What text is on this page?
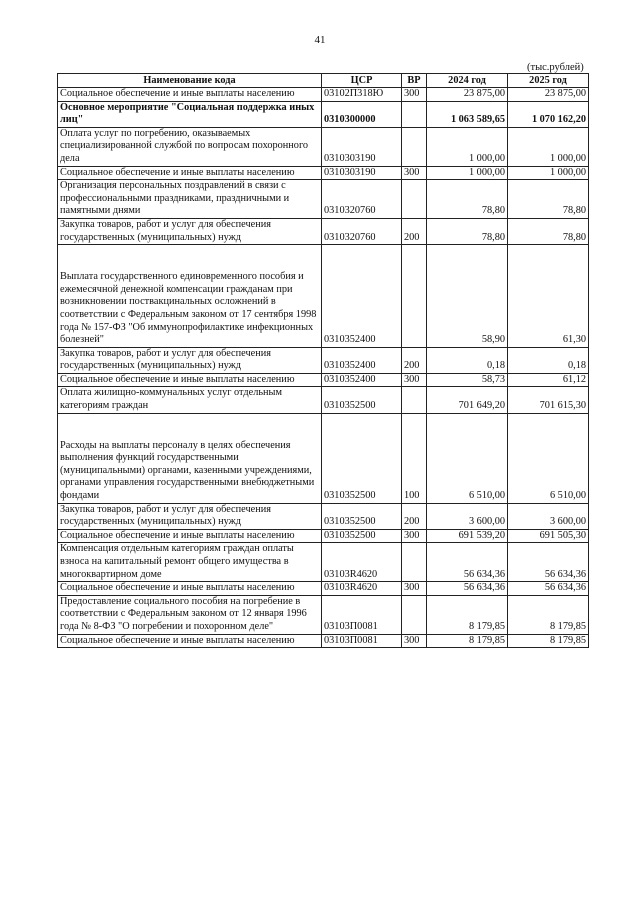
41
(тыс.рублей)
Наименование кода	ЦСР	ВР	2024 год	2025 год
Социальное обеспечение и иные выплаты населению	03102П318Ю	300	23 875,00	23 875,00
Основное мероприятие "Социальная поддержка иных лиц"	0310300000		1 063 589,65	1 070 162,20
Оплата услуг по погребению, оказываемых специализированной службой по вопросам похоронного дела	0310303190		1 000,00	1 000,00
Социальное обеспечение и иные выплаты населению	0310303190	300	1 000,00	1 000,00
Организация персональных поздравлений в связи с профессиональными праздниками, праздничными и памятными днями	0310320760		78,80	78,80
Закупка товаров, работ и услуг для обеспечения государственных (муниципальных) нужд	0310320760	200	78,80	78,80
Выплата государственного единовременного пособия и ежемесячной денежной компенсации гражданам при возникновении поствакцинальных осложнений в соответствии с Федеральным законом от 17 сентября 1998 года № 157-ФЗ "Об иммунопрофилактике инфекционных болезней"	0310352400		58,90	61,30
Закупка товаров, работ и услуг для обеспечения государственных (муниципальных) нужд	0310352400	200	0,18	0,18
Социальное обеспечение и иные выплаты населению	0310352400	300	58,73	61,12
Оплата жилищно-коммунальных услуг отдельным категориям граждан	0310352500		701 649,20	701 615,30
Расходы на выплаты персоналу в целях обеспечения выполнения функций государственными (муниципальными) органами, казенными учреждениями, органами управления государственными внебюджетными фондами	0310352500	100	6 510,00	6 510,00
Закупка товаров, работ и услуг для обеспечения государственных (муниципальных) нужд	0310352500	200	3 600,00	3 600,00
Социальное обеспечение и иные выплаты населению	0310352500	300	691 539,20	691 505,30
Компенсация отдельным категориям граждан оплаты взноса на капитальный ремонт общего имущества в многоквартирном доме	03103R4620		56 634,36	56 634,36
Социальное обеспечение и иные выплаты населению	03103R4620	300	56 634,36	56 634,36
Предоставление социального пособия на погребение в соответствии с Федеральным законом от 12 января 1996 года № 8-ФЗ "О погребении и похоронном деле"	03103П0081		8 179,85	8 179,85
Социальное обеспечение и иные выплаты населению	03103П0081	300	8 179,85	8 179,85
